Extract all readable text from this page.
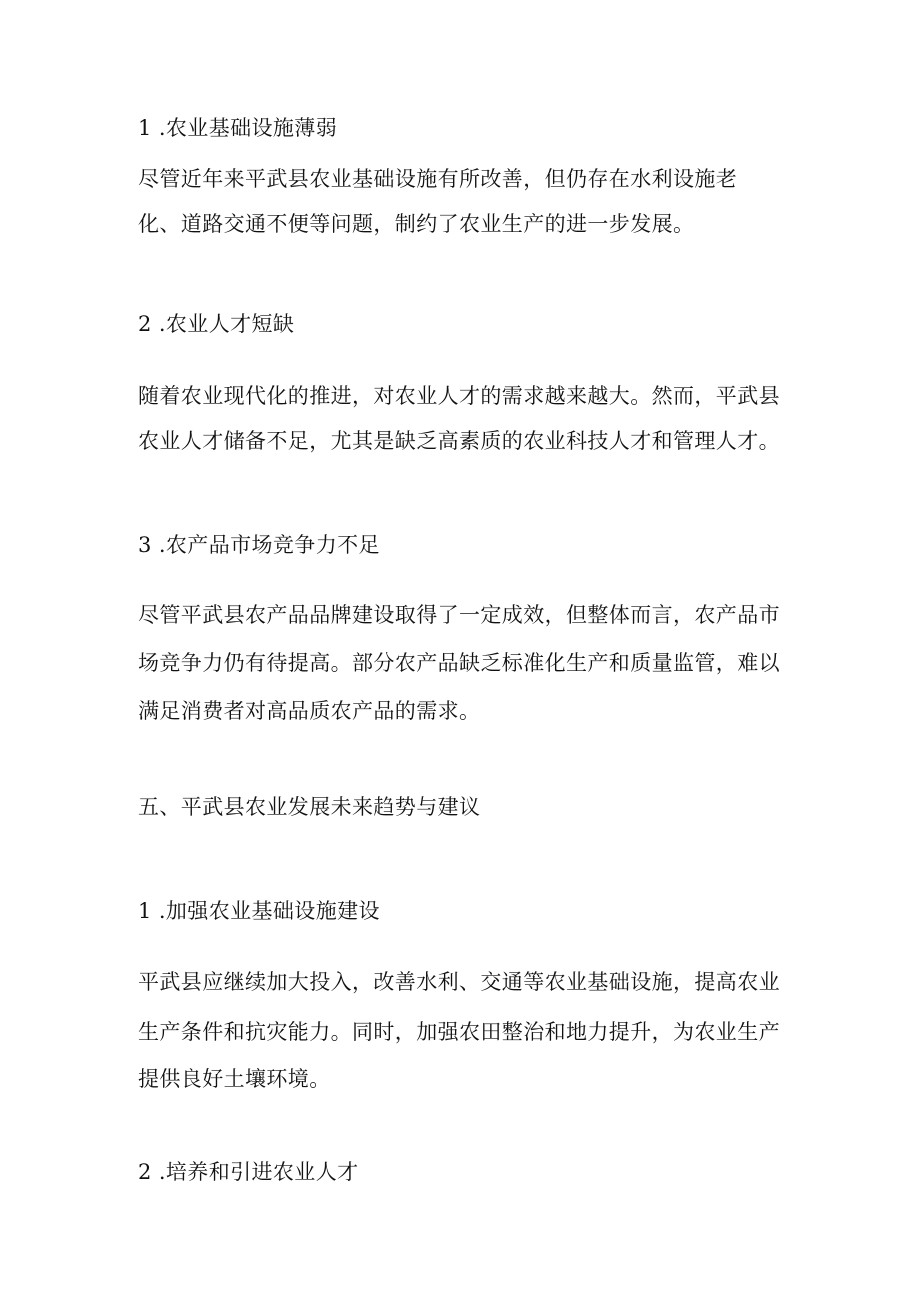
1 .农业基础设施薄弱
尽管近年来平武县农业基础设施有所改善，但仍存在水利设施老
化、道路交通不便等问题，制约了农业生产的进一步发展。
2 .农业人才短缺
随着农业现代化的推进，对农业人才的需求越来越大。然而，平武县
农业人才储备不足，尤其是缺乏高素质的农业科技人才和管理人才。
3 .农产品市场竞争力不足
尽管平武县农产品品牌建设取得了一定成效，但整体而言，农产品市
场竞争力仍有待提高。部分农产品缺乏标准化生产和质量监管，难以
满足消费者对高品质农产品的需求。
五、平武县农业发展未来趋势与建议
1 .加强农业基础设施建设
平武县应继续加大投入，改善水利、交通等农业基础设施，提高农业
生产条件和抗灾能力。同时，加强农田整治和地力提升，为农业生产
提供良好土壤环境。
2 .培养和引进农业人才
